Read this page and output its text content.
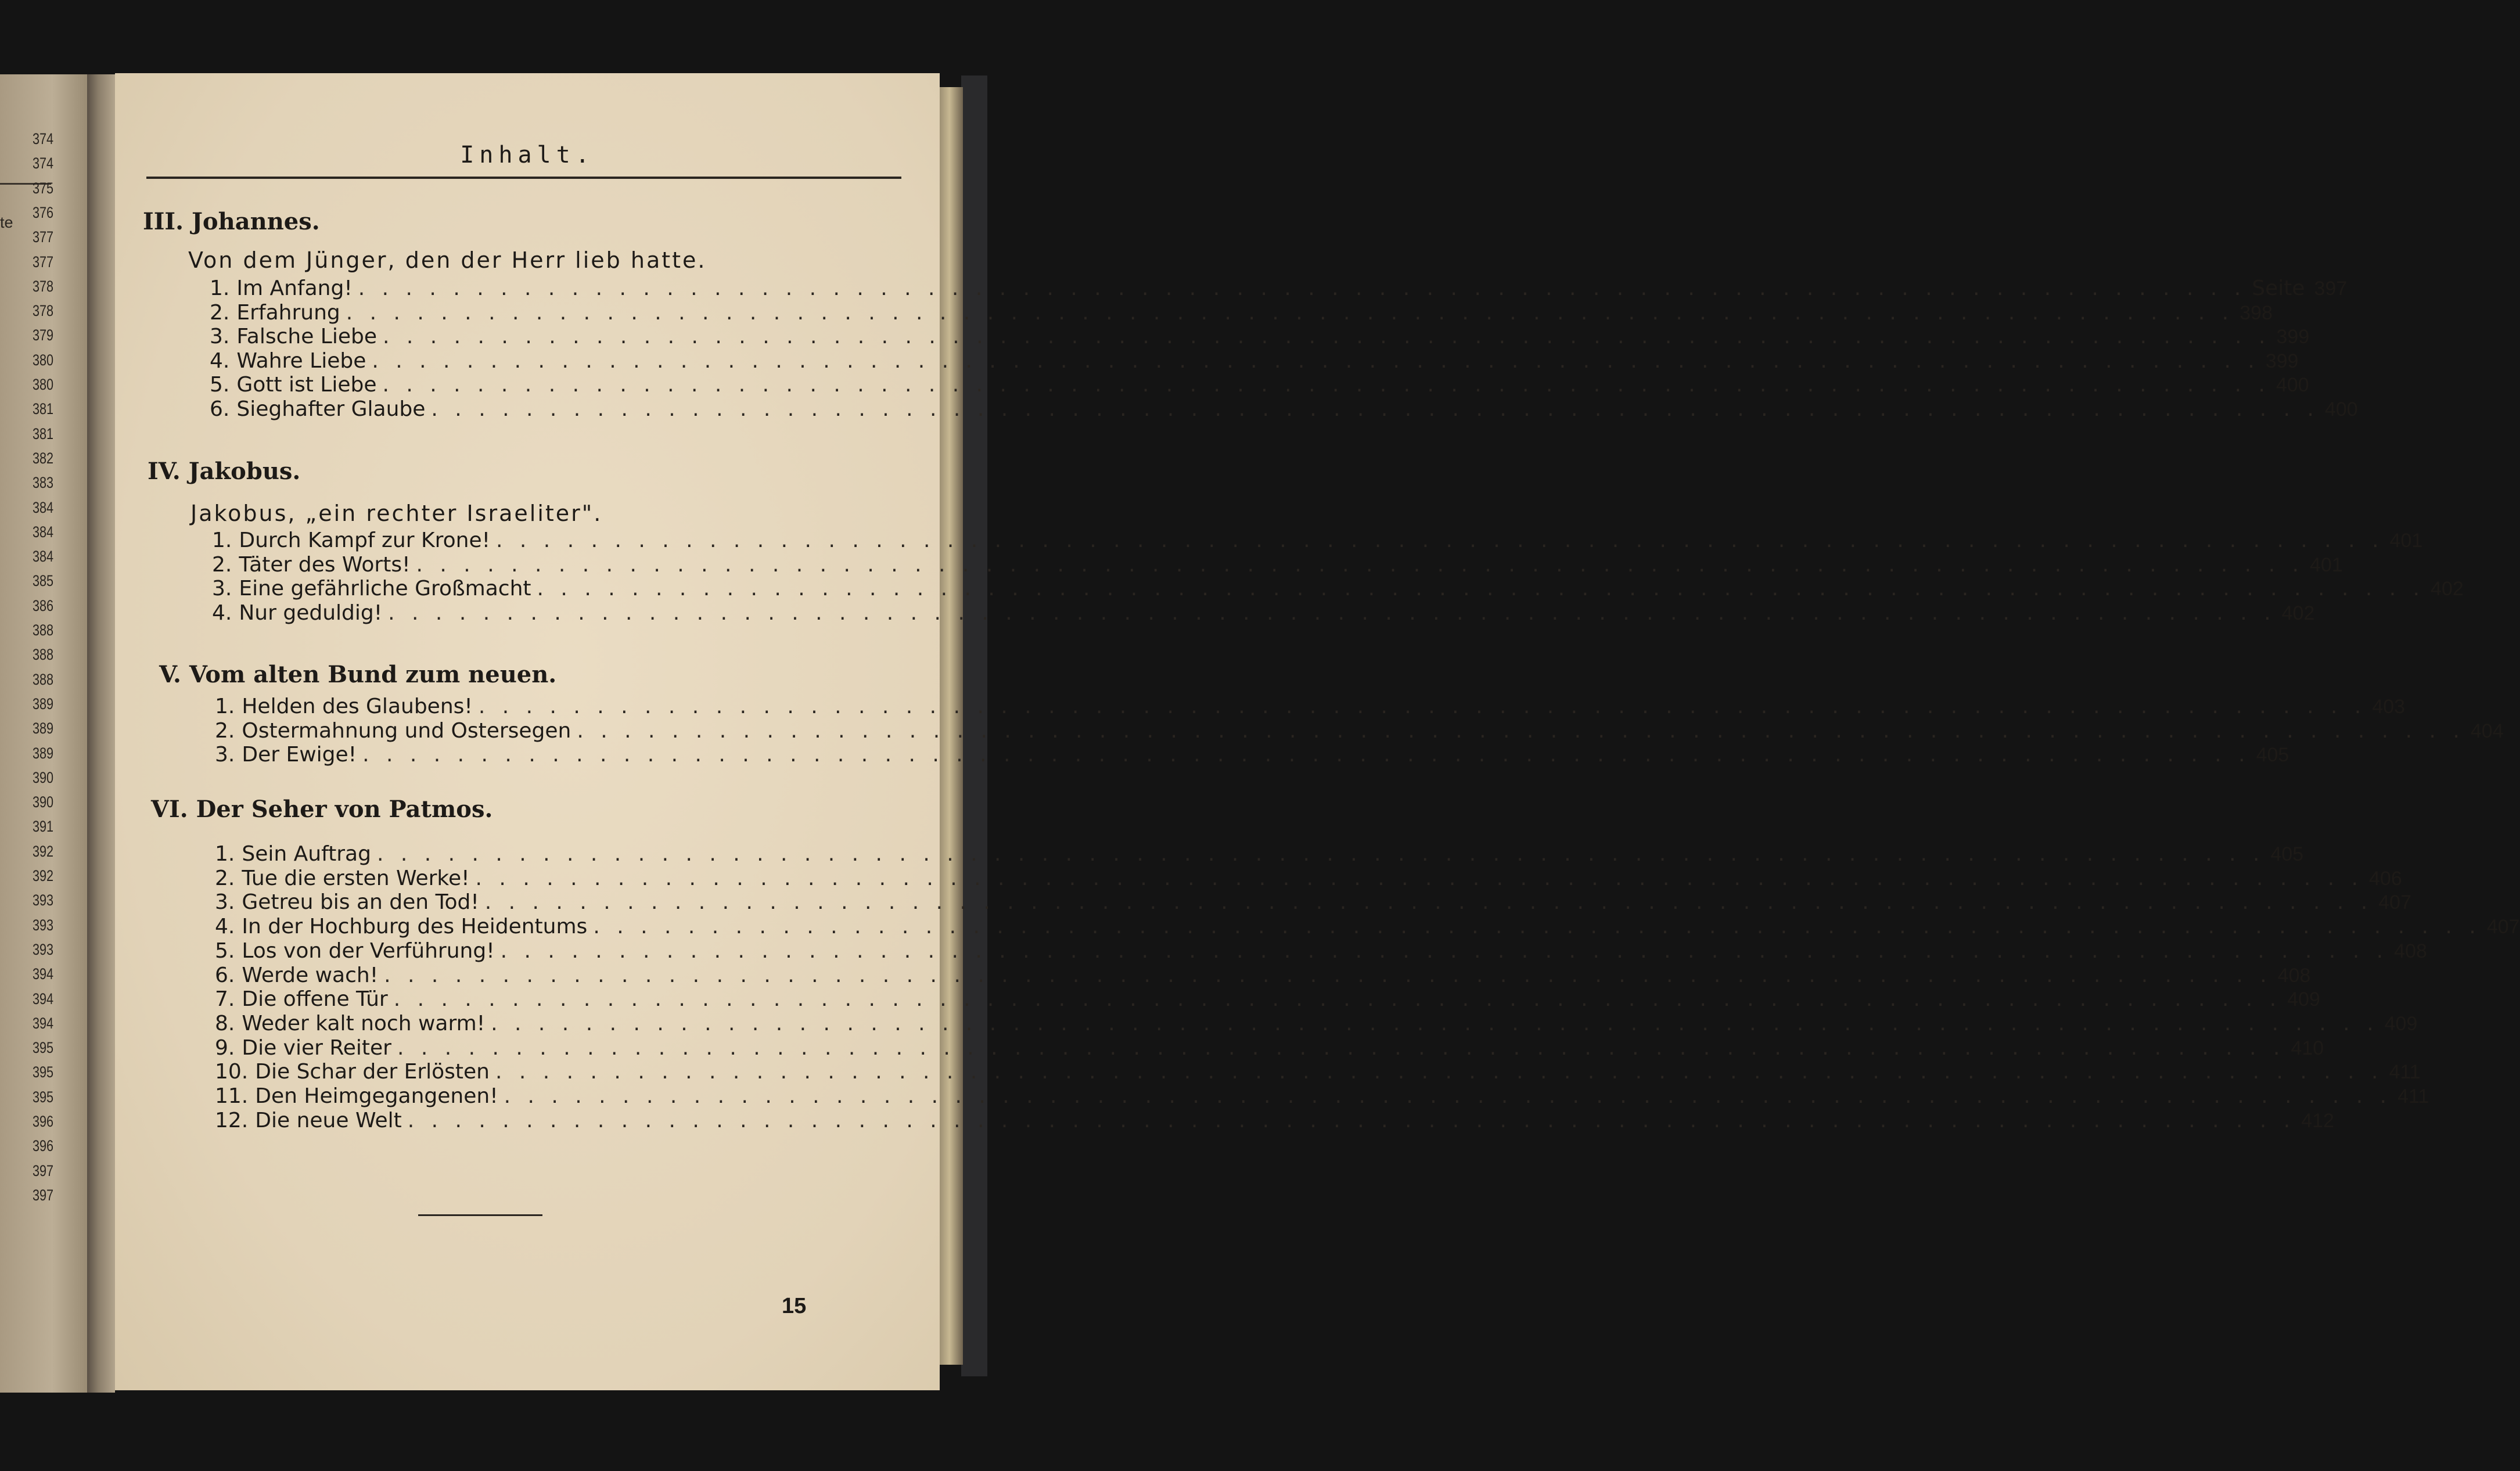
te
374
374
375
376
377
377
378
378
379
380
380
381
381
382
383
384
384
384
385
386
388
388
388
389
389
389
390
390
391
392
392
393
393
393
394
394
394
395
395
395
396
396
397
397
Inhalt.
III. Johannes.
Von dem Jünger, den der Herr lieb hatte.
1. Im Anfang! . . . . . . . . . . . . . . . . . . . . . . . . . . . . . . . . . . . . . . . . . . . . . . . . . . . . . . . . . . . . . . . . . . . . . . . . . . . . . . . . Seite 397
2. Erfahrung . . . . . . . . . . . . . . . . . . . . . . . . . . . . . . . . . . . . . . . . . . . . . . . . . . . . . . . . . . . . . . . . . . . . . . . . . . . . . . . . 398
3. Falsche Liebe . . . . . . . . . . . . . . . . . . . . . . . . . . . . . . . . . . . . . . . . . . . . . . . . . . . . . . . . . . . . . . . . . . . . . . . . . . . . . . . . 399
4. Wahre Liebe . . . . . . . . . . . . . . . . . . . . . . . . . . . . . . . . . . . . . . . . . . . . . . . . . . . . . . . . . . . . . . . . . . . . . . . . . . . . . . . . 399
5. Gott ist Liebe . . . . . . . . . . . . . . . . . . . . . . . . . . . . . . . . . . . . . . . . . . . . . . . . . . . . . . . . . . . . . . . . . . . . . . . . . . . . . . . . 400
6. Sieghafter Glaube . . . . . . . . . . . . . . . . . . . . . . . . . . . . . . . . . . . . . . . . . . . . . . . . . . . . . . . . . . . . . . . . . . . . . . . . . . . . . . . . 400
IV. Jakobus.
Jakobus, „ein rechter Israeliter".
1. Durch Kampf zur Krone! . . . . . . . . . . . . . . . . . . . . . . . . . . . . . . . . . . . . . . . . . . . . . . . . . . . . . . . . . . . . . . . . . . . . . . . . . . . . . . . . 401
2. Täter des Worts! . . . . . . . . . . . . . . . . . . . . . . . . . . . . . . . . . . . . . . . . . . . . . . . . . . . . . . . . . . . . . . . . . . . . . . . . . . . . . . . . 401
3. Eine gefährliche Großmacht . . . . . . . . . . . . . . . . . . . . . . . . . . . . . . . . . . . . . . . . . . . . . . . . . . . . . . . . . . . . . . . . . . . . . . . . . . . . . . . . 402
4. Nur geduldig! . . . . . . . . . . . . . . . . . . . . . . . . . . . . . . . . . . . . . . . . . . . . . . . . . . . . . . . . . . . . . . . . . . . . . . . . . . . . . . . . 402
V. Vom alten Bund zum neuen.
1. Helden des Glaubens! . . . . . . . . . . . . . . . . . . . . . . . . . . . . . . . . . . . . . . . . . . . . . . . . . . . . . . . . . . . . . . . . . . . . . . . . . . . . . . . . 403
2. Ostermahnung und Ostersegen . . . . . . . . . . . . . . . . . . . . . . . . . . . . . . . . . . . . . . . . . . . . . . . . . . . . . . . . . . . . . . . . . . . . . . . . . . . . . . . . 404
3. Der Ewige! . . . . . . . . . . . . . . . . . . . . . . . . . . . . . . . . . . . . . . . . . . . . . . . . . . . . . . . . . . . . . . . . . . . . . . . . . . . . . . . . 405
VI. Der Seher von Patmos.
1. Sein Auftrag . . . . . . . . . . . . . . . . . . . . . . . . . . . . . . . . . . . . . . . . . . . . . . . . . . . . . . . . . . . . . . . . . . . . . . . . . . . . . . . . 405
2. Tue die ersten Werke! . . . . . . . . . . . . . . . . . . . . . . . . . . . . . . . . . . . . . . . . . . . . . . . . . . . . . . . . . . . . . . . . . . . . . . . . . . . . . . . . 406
3. Getreu bis an den Tod! . . . . . . . . . . . . . . . . . . . . . . . . . . . . . . . . . . . . . . . . . . . . . . . . . . . . . . . . . . . . . . . . . . . . . . . . . . . . . . . . 407
4. In der Hochburg des Heidentums . . . . . . . . . . . . . . . . . . . . . . . . . . . . . . . . . . . . . . . . . . . . . . . . . . . . . . . . . . . . . . . . . . . . . . . . . . . . . . . . 407
5. Los von der Verführung! . . . . . . . . . . . . . . . . . . . . . . . . . . . . . . . . . . . . . . . . . . . . . . . . . . . . . . . . . . . . . . . . . . . . . . . . . . . . . . . . 408
6. Werde wach! . . . . . . . . . . . . . . . . . . . . . . . . . . . . . . . . . . . . . . . . . . . . . . . . . . . . . . . . . . . . . . . . . . . . . . . . . . . . . . . . 408
7. Die offene Tür . . . . . . . . . . . . . . . . . . . . . . . . . . . . . . . . . . . . . . . . . . . . . . . . . . . . . . . . . . . . . . . . . . . . . . . . . . . . . . . . 409
8. Weder kalt noch warm! . . . . . . . . . . . . . . . . . . . . . . . . . . . . . . . . . . . . . . . . . . . . . . . . . . . . . . . . . . . . . . . . . . . . . . . . . . . . . . . . 409
9. Die vier Reiter . . . . . . . . . . . . . . . . . . . . . . . . . . . . . . . . . . . . . . . . . . . . . . . . . . . . . . . . . . . . . . . . . . . . . . . . . . . . . . . . 410
10. Die Schar der Erlösten . . . . . . . . . . . . . . . . . . . . . . . . . . . . . . . . . . . . . . . . . . . . . . . . . . . . . . . . . . . . . . . . . . . . . . . . . . . . . . . . 411
11. Den Heimgegangenen! . . . . . . . . . . . . . . . . . . . . . . . . . . . . . . . . . . . . . . . . . . . . . . . . . . . . . . . . . . . . . . . . . . . . . . . . . . . . . . . . 411
12. Die neue Welt . . . . . . . . . . . . . . . . . . . . . . . . . . . . . . . . . . . . . . . . . . . . . . . . . . . . . . . . . . . . . . . . . . . . . . . . . . . . . . . . 412
15
